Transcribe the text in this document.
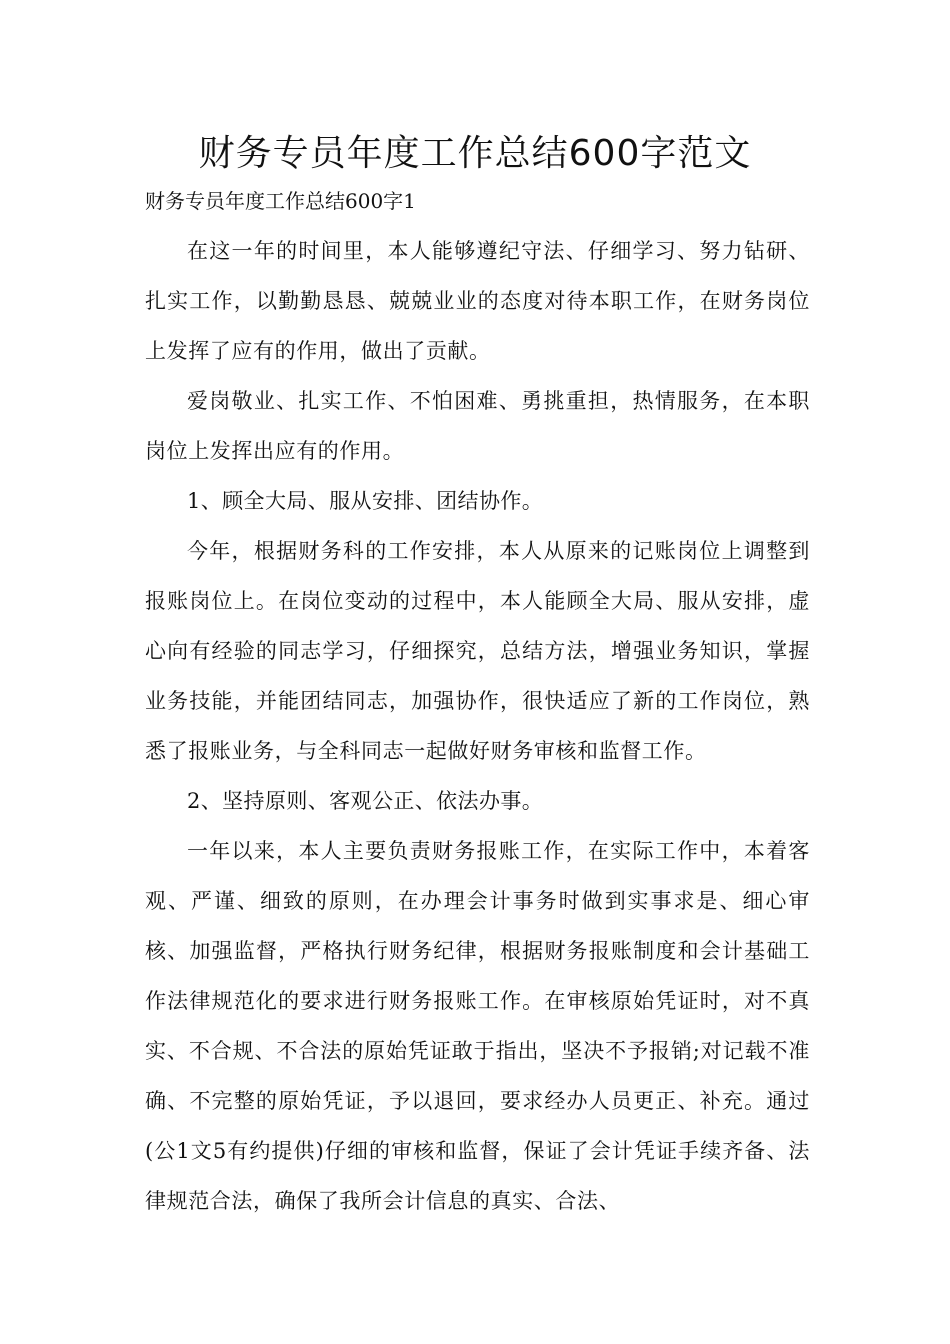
财务专员年度工作总结600字范文

财务专员年度工作总结600字1

在这一年的时间里，本人能够遵纪守法、仔细学习、努力钻研、扎实工作，以勤勤恳恳、兢兢业业的态度对待本职工作，在财务岗位上发挥了应有的作用，做出了贡献。

爱岗敬业、扎实工作、不怕困难、勇挑重担，热情服务，在本职岗位上发挥出应有的作用。

1、顾全大局、服从安排、团结协作。

今年，根据财务科的工作安排，本人从原来的记账岗位上调整到报账岗位上。在岗位变动的过程中，本人能顾全大局、服从安排，虚心向有经验的同志学习，仔细探究，总结方法，增强业务知识，掌握业务技能，并能团结同志，加强协作，很快适应了新的工作岗位，熟悉了报账业务，与全科同志一起做好财务审核和监督工作。

2、坚持原则、客观公正、依法办事。

一年以来，本人主要负责财务报账工作，在实际工作中，本着客观、严谨、细致的原则，在办理会计事务时做到实事求是、细心审核、加强监督，严格执行财务纪律，根据财务报账制度和会计基础工作法律规范化的要求进行财务报账工作。在审核原始凭证时，对不真实、不合规、不合法的原始凭证敢于指出，坚决不予报销;对记载不准确、不完整的原始凭证，予以退回，要求经办人员更正、补充。通过(公1文5有约提供)仔细的审核和监督，保证了会计凭证手续齐备、法律规范合法，确保了我所会计信息的真实、合法、
